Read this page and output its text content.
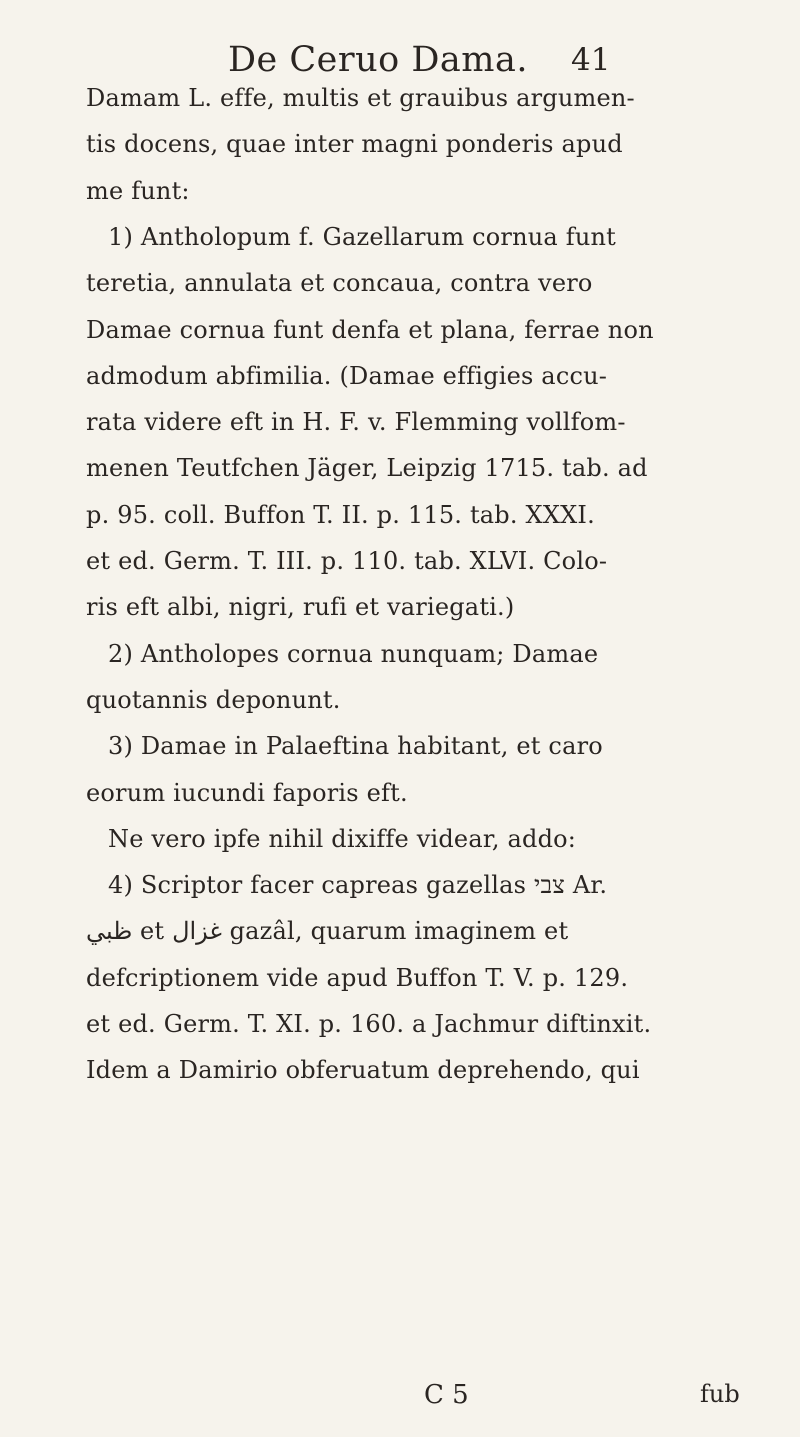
De Ceruo Dama. 41
Damam L. effe, multis et grauibus argumen-
tis docens, quae inter magni ponderis apud
me funt:
1) Antholopum f. Gazellarum cornua funt
teretia, annulata et concaua, contra vero
Damae cornua funt denfa et plana, ferrae non
admodum abfimilia. (Damae effigies accu-
rata videre eft in H. F. v. Flemming vollfom-
menen Teutfchen Jäger, Leipzig 1715. tab. ad
p. 95. coll. Buffon T. II. p. 115. tab. XXXI.
et ed. Germ. T. III. p. 110. tab. XLVI. Colo-
ris eft albi, nigri, rufi et variegati.)
2) Antholopes cornua nunquam; Damae
quotannis deponunt.
3) Damae in Palaeftina habitant, et caro
eorum iucundi faporis eft.
Ne vero ipfe nihil dixiffe videar, addo:
4) Scriptor facer capreas gazellas צבי Ar.
ظبي et غزال gazâl, quarum imaginem et
defcriptionem vide apud Buffon T. V. p. 129.
et ed. Germ. T. XI. p. 160. a Jachmur diftinxit.
Idem a Damirio obferuatum deprehendo, qui
C 5	fub
